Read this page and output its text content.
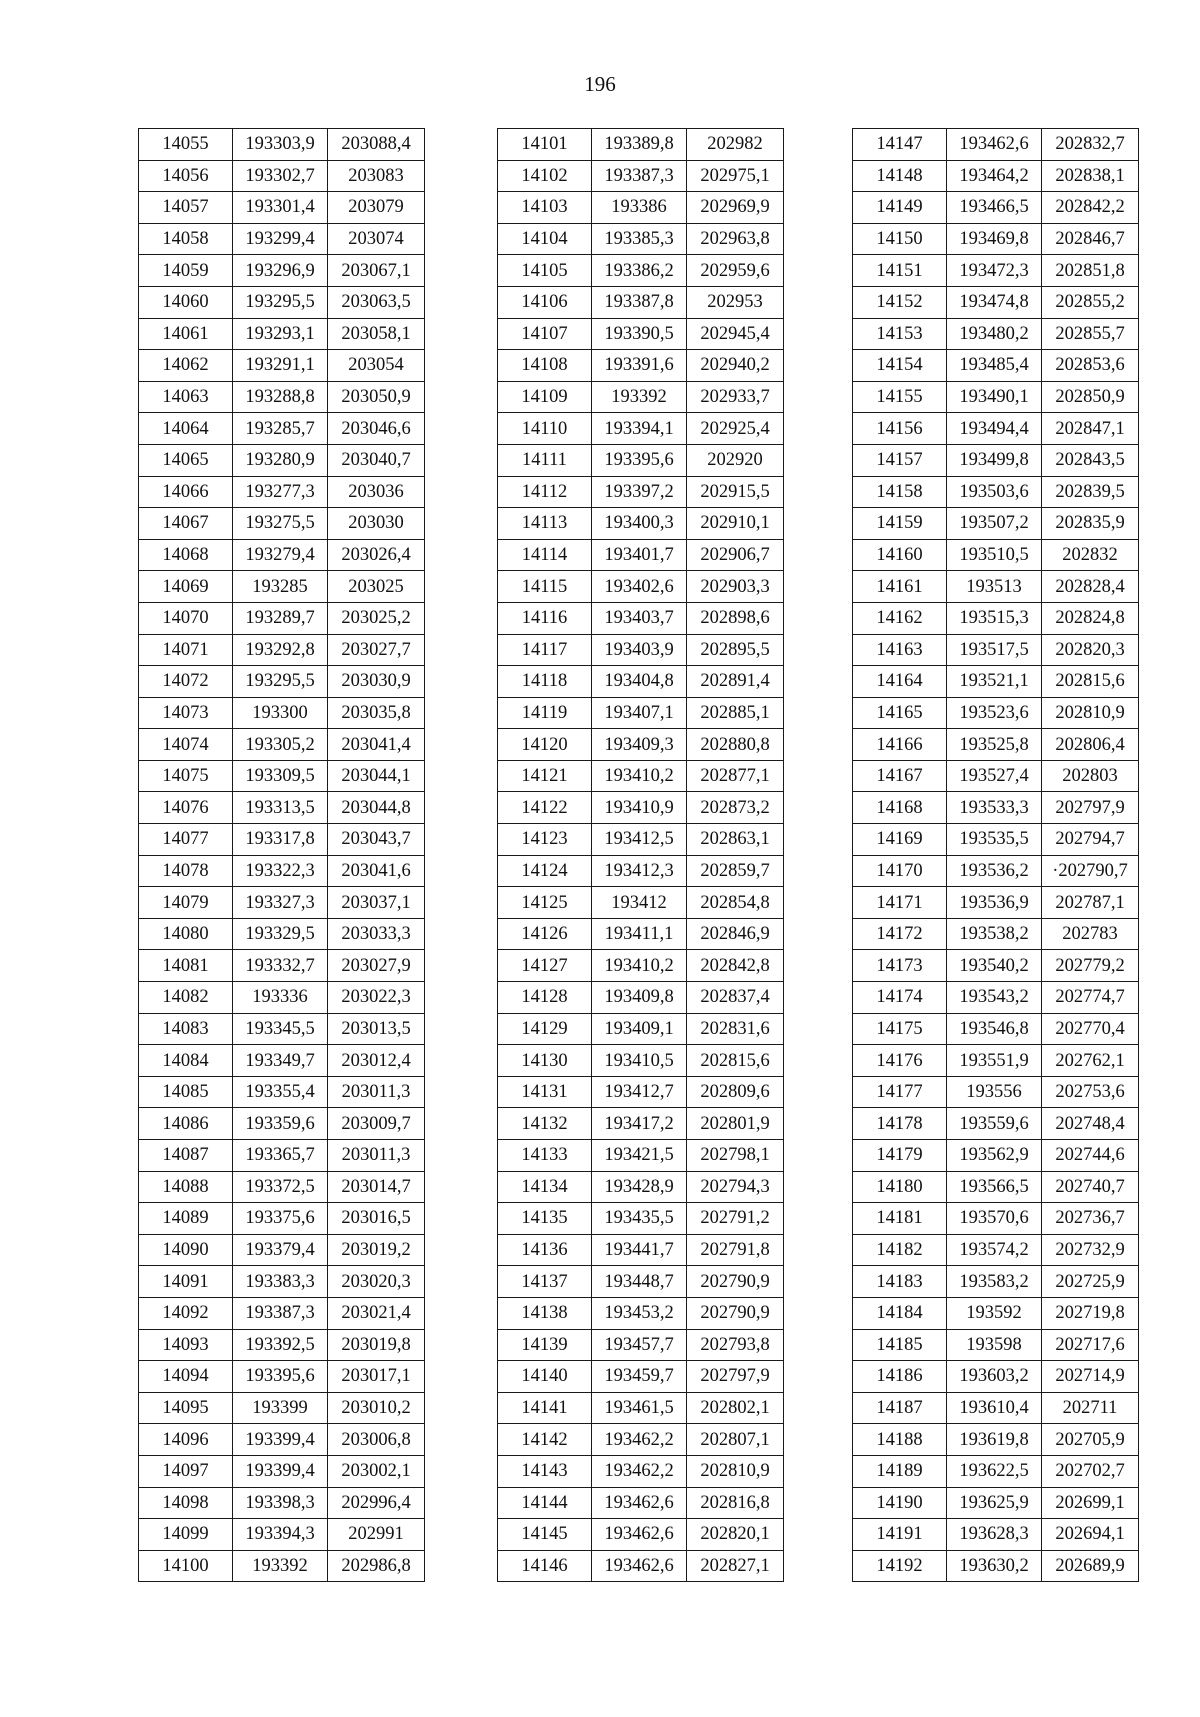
196
14055	193303,9	203088,4
14056	193302,7	203083
14057	193301,4	203079
14058	193299,4	203074
14059	193296,9	203067,1
14060	193295,5	203063,5
14061	193293,1	203058,1
14062	193291,1	203054
14063	193288,8	203050,9
14064	193285,7	203046,6
14065	193280,9	203040,7
14066	193277,3	203036
14067	193275,5	203030
14068	193279,4	203026,4
14069	193285	203025
14070	193289,7	203025,2
14071	193292,8	203027,7
14072	193295,5	203030,9
14073	193300	203035,8
14074	193305,2	203041,4
14075	193309,5	203044,1
14076	193313,5	203044,8
14077	193317,8	203043,7
14078	193322,3	203041,6
14079	193327,3	203037,1
14080	193329,5	203033,3
14081	193332,7	203027,9
14082	193336	203022,3
14083	193345,5	203013,5
14084	193349,7	203012,4
14085	193355,4	203011,3
14086	193359,6	203009,7
14087	193365,7	203011,3
14088	193372,5	203014,7
14089	193375,6	203016,5
14090	193379,4	203019,2
14091	193383,3	203020,3
14092	193387,3	203021,4
14093	193392,5	203019,8
14094	193395,6	203017,1
14095	193399	203010,2
14096	193399,4	203006,8
14097	193399,4	203002,1
14098	193398,3	202996,4
14099	193394,3	202991
14100	193392	202986,8
14101	193389,8	202982
14102	193387,3	202975,1
14103	193386	202969,9
14104	193385,3	202963,8
14105	193386,2	202959,6
14106	193387,8	202953
14107	193390,5	202945,4
14108	193391,6	202940,2
14109	193392	202933,7
14110	193394,1	202925,4
14111	193395,6	202920
14112	193397,2	202915,5
14113	193400,3	202910,1
14114	193401,7	202906,7
14115	193402,6	202903,3
14116	193403,7	202898,6
14117	193403,9	202895,5
14118	193404,8	202891,4
14119	193407,1	202885,1
14120	193409,3	202880,8
14121	193410,2	202877,1
14122	193410,9	202873,2
14123	193412,5	202863,1
14124	193412,3	202859,7
14125	193412	202854,8
14126	193411,1	202846,9
14127	193410,2	202842,8
14128	193409,8	202837,4
14129	193409,1	202831,6
14130	193410,5	202815,6
14131	193412,7	202809,6
14132	193417,2	202801,9
14133	193421,5	202798,1
14134	193428,9	202794,3
14135	193435,5	202791,2
14136	193441,7	202791,8
14137	193448,7	202790,9
14138	193453,2	202790,9
14139	193457,7	202793,8
14140	193459,7	202797,9
14141	193461,5	202802,1
14142	193462,2	202807,1
14143	193462,2	202810,9
14144	193462,6	202816,8
14145	193462,6	202820,1
14146	193462,6	202827,1
14147	193462,6	202832,7
14148	193464,2	202838,1
14149	193466,5	202842,2
14150	193469,8	202846,7
14151	193472,3	202851,8
14152	193474,8	202855,2
14153	193480,2	202855,7
14154	193485,4	202853,6
14155	193490,1	202850,9
14156	193494,4	202847,1
14157	193499,8	202843,5
14158	193503,6	202839,5
14159	193507,2	202835,9
14160	193510,5	202832
14161	193513	202828,4
14162	193515,3	202824,8
14163	193517,5	202820,3
14164	193521,1	202815,6
14165	193523,6	202810,9
14166	193525,8	202806,4
14167	193527,4	202803
14168	193533,3	202797,9
14169	193535,5	202794,7
14170	193536,2	·202790,7
14171	193536,9	202787,1
14172	193538,2	202783
14173	193540,2	202779,2
14174	193543,2	202774,7
14175	193546,8	202770,4
14176	193551,9	202762,1
14177	193556	202753,6
14178	193559,6	202748,4
14179	193562,9	202744,6
14180	193566,5	202740,7
14181	193570,6	202736,7
14182	193574,2	202732,9
14183	193583,2	202725,9
14184	193592	202719,8
14185	193598	202717,6
14186	193603,2	202714,9
14187	193610,4	202711
14188	193619,8	202705,9
14189	193622,5	202702,7
14190	193625,9	202699,1
14191	193628,3	202694,1
14192	193630,2	202689,9
